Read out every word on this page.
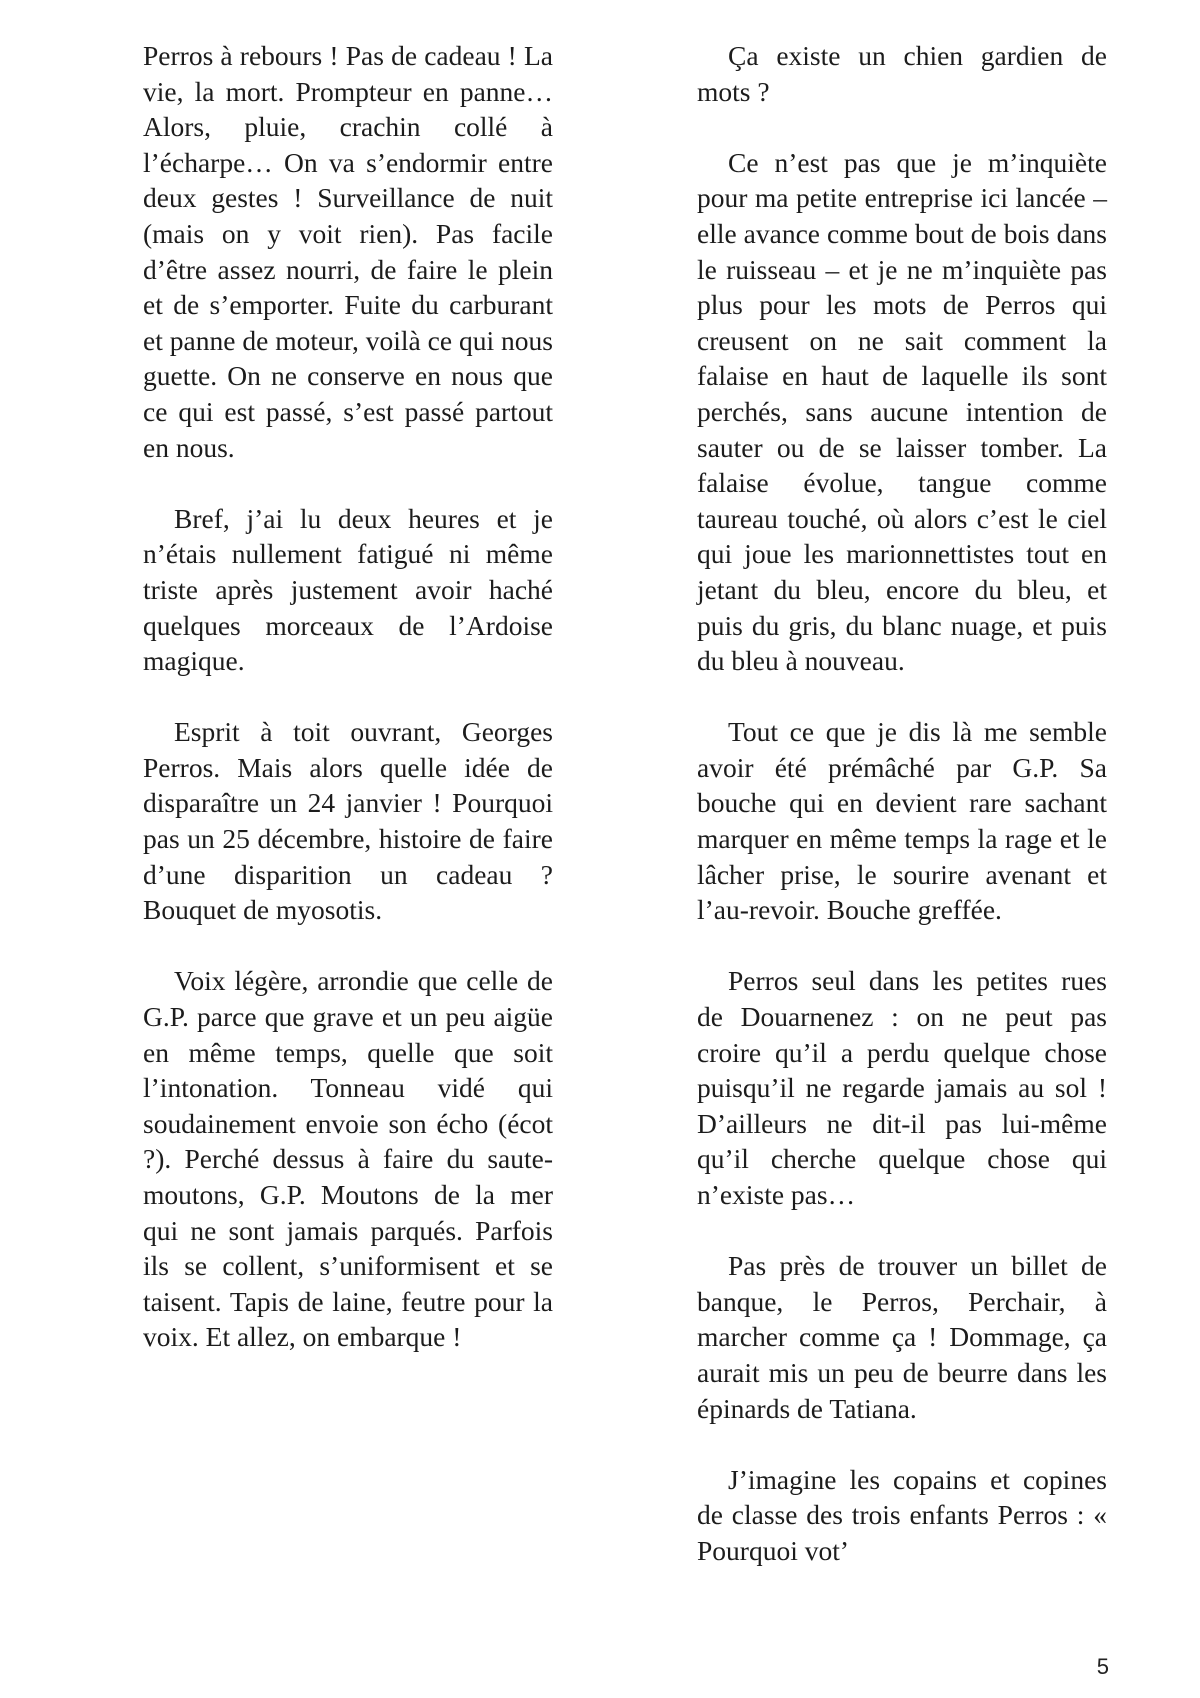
Perros à rebours ! Pas de cadeau ! La vie, la mort. Prompteur en panne… Alors, pluie, crachin collé à l’écharpe… On va s’endormir entre deux gestes ! Surveillance de nuit (mais on y voit rien). Pas facile d’être assez nourri, de faire le plein et de s’emporter. Fuite du carburant et panne de moteur, voilà ce qui nous guette. On ne conserve en nous que ce qui est passé, s’est passé partout en nous.

Bref, j’ai lu deux heures et je n’étais nullement fatigué ni même triste après justement avoir haché quelques morceaux de l’Ardoise magique.

Esprit à toit ouvrant, Georges Perros. Mais alors quelle idée de disparaître un 24 janvier ! Pourquoi pas un 25 décembre, histoire de faire d’une disparition un cadeau ? Bouquet de myosotis.

Voix légère, arrondie que celle de G.P. parce que grave et un peu aigüe en même temps, quelle que soit l’intonation. Tonneau vidé qui soudainement envoie son écho (écot ?). Perché dessus à faire du saute-moutons, G.P. Moutons de la mer qui ne sont jamais parqués. Parfois ils se collent, s’uniformisent et se taisent. Tapis de laine, feutre pour la voix. Et allez, on embarque !

Ça existe un chien gardien de mots ?

Ce n’est pas que je m’inquiète pour ma petite entreprise ici lancée – elle avance comme bout de bois dans le ruisseau – et je ne m’inquiète pas plus pour les mots de Perros qui creusent on ne sait comment la falaise en haut de laquelle ils sont perchés, sans aucune intention de sauter ou de se laisser tomber. La falaise évolue, tangue comme taureau touché, où alors c’est le ciel qui joue les marionnettistes tout en jetant du bleu, encore du bleu, et puis du gris, du blanc nuage, et puis du bleu à nouveau.

Tout ce que je dis là me semble avoir été prémâché par G.P. Sa bouche qui en devient rare sachant marquer en même temps la rage et le lâcher prise, le sourire avenant et l’au-revoir. Bouche greffée.

Perros seul dans les petites rues de Douarnenez : on ne peut pas croire qu’il a perdu quelque chose puisqu’il ne regarde jamais au sol ! D’ailleurs ne dit-il pas lui-même qu’il cherche quelque chose qui n’existe pas…

Pas près de trouver un billet de banque, le Perros, Perchair, à marcher comme ça ! Dommage, ça aurait mis un peu de beurre dans les épinards de Tatiana.

J’imagine les copains et copines de classe des trois enfants Perros : « Pourquoi vot’

5
